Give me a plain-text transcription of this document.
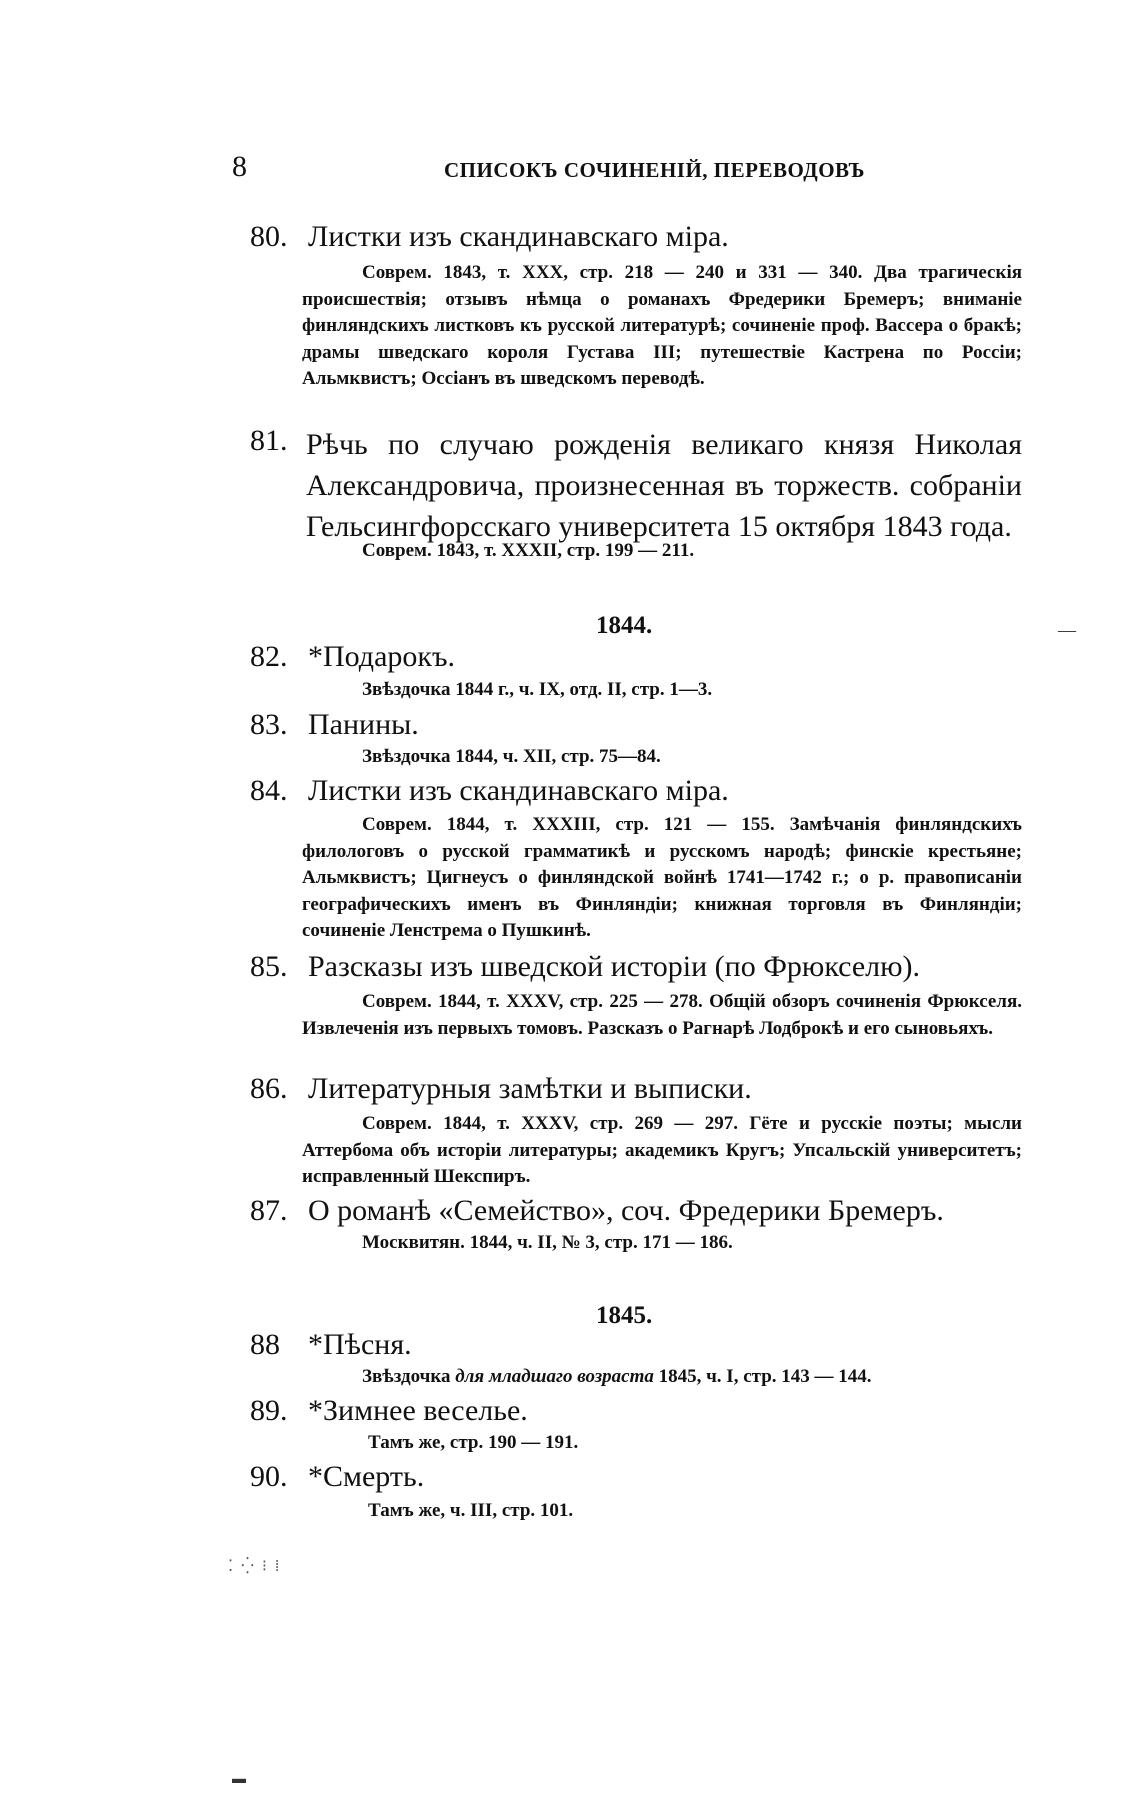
8	СПИСОКЪ СОЧИНЕНІЙ, ПЕРЕВОДОВЪ
80. Листки изъ скандинавскаго міра.
Соврем. 1843, т. XXX, стр. 218 — 240 и 331 — 340. Два трагическія происшествія; отзывъ нѣмца о романахъ Фредерики Бремеръ; вниманіе финляндскихъ листковъ къ русской литературѣ; сочиненіе проф. Вассера о бракѣ; драмы шведскаго короля Густава III; путешествіе Кастрена по Россіи; Альмквистъ; Оссіанъ въ шведскомъ переводѣ.
81. Рѣчь по случаю рожденія великаго князя Николая Александровича, произнесенная въ торжеств. собраніи Гельсингфорсскаго университета 15 октября 1843 года.
Соврем. 1843, т. XXXII, стр. 199 — 211.
1844.	—
82. *Подарокъ.
Звѣздочка 1844 г., ч. IX, отд. II, стр. 1—3.
83. Панины.
Звѣздочка 1844, ч. XII, стр. 75—84.
84. Листки изъ скандинавскаго міра.
Соврем. 1844, т. XXXIII, стр. 121 — 155. Замѣчанія финляндскихъ филологовъ о русской грамматикѣ и русскомъ народѣ; финскіе крестьяне; Альмквистъ; Цигнеусъ о финляндской войнѣ 1741—1742 г.; о р. правописаніи географическихъ именъ въ Финляндіи; книжная торговля въ Финляндіи; сочиненіе Ленстрема о Пушкинѣ.
85. Разсказы изъ шведской исторіи (по Фрюкселю).
Соврем. 1844, т. XXXV, стр. 225 — 278. Общій обзоръ сочиненія Фрюкселя. Извлеченія изъ первыхъ томовъ. Разсказъ о Рагнарѣ Лодброкѣ и его сыновьяхъ.
86. Литературныя замѣтки и выписки.
Соврем. 1844, т. XXXV, стр. 269 — 297. Гёте и русскіе поэты; мысли Аттербома объ исторіи литературы; академикъ Кругъ; Упсальскій университетъ; исправленный Шекспиръ.
87. О романѣ «Семейство», соч. Фредерики Бремеръ.
Москвитян. 1844, ч. II, № 3, стр. 171 — 186.
1845.
88 *Пѣсня.
Звѣздочка для младшаго возраста 1845, ч. I, стр. 143 — 144.
89. *Зимнее веселье.
Тамъ же, стр. 190 — 191.
90. *Смерть.
Тамъ же, ч. III, стр. 101.
⁚ ⁛ ⁝ ⁞
▬
